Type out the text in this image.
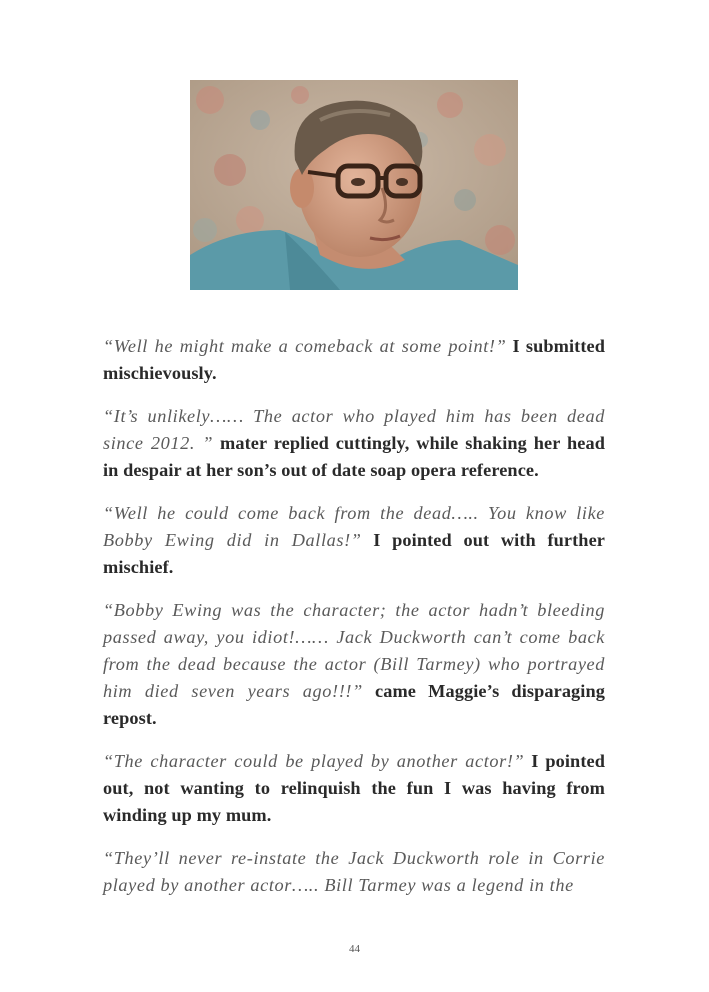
“Well he might make a comeback at some point!” I submitted mischievously.

“It’s unlikely…… The actor who played him has been dead since 2012. ” mater replied cuttingly, while shaking her head in despair at her son’s out of date soap opera reference.

“Well he could come back from the dead….. You know like Bobby Ewing did in Dallas!” I pointed out with further mischief.

“Bobby Ewing was the character; the actor hadn’t bleeding passed away, you idiot!…… Jack Duckworth can’t come back from the dead because the actor (Bill Tarmey) who portrayed him died seven years ago!!!” came Maggie’s disparaging repost.

“The character could be played by another actor!” I pointed out, not wanting to relinquish the fun I was having from winding up my mum.

“They’ll never re-instate the Jack Duckworth role in Corrie played by another actor….. Bill Tarmey was a legend in the

44
